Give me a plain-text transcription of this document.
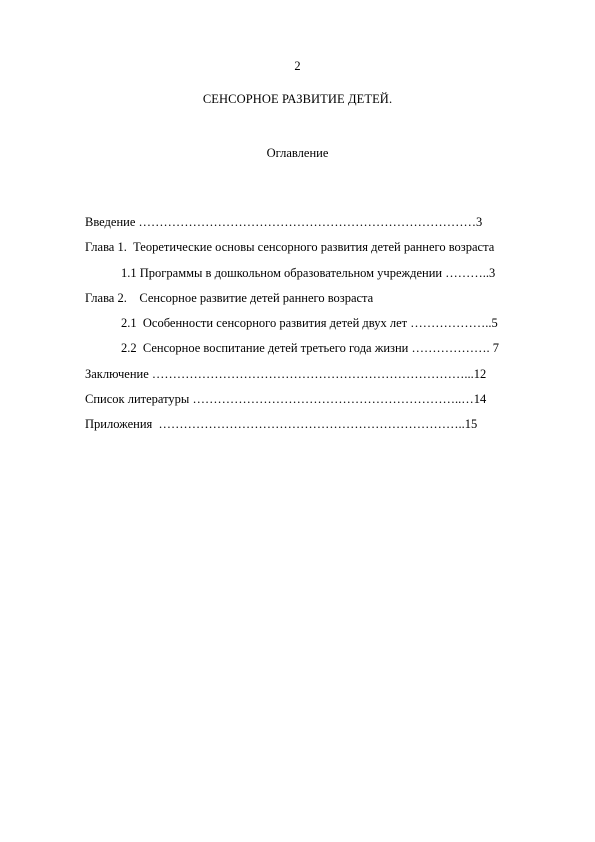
2
СЕНСОРНОЕ РАЗВИТИЕ ДЕТЕЙ.
Оглавление
Введение ………………………………………………………………………3
Глава 1.  Теоретические основы сенсорного развития детей раннего возраста
1.1 Программы в дошкольном образовательном учреждении ………..3
Глава 2.    Сенсорное развитие детей раннего возраста
2.1  Особенности сенсорного развития детей двух лет ………………..5
2.2  Сенсорное воспитание детей третьего года жизни ………………. 7
Заключение …………………………………………………………………...12
Список литературы ………………………………………………………..…14
Приложения  ………………………………………………………………..15
